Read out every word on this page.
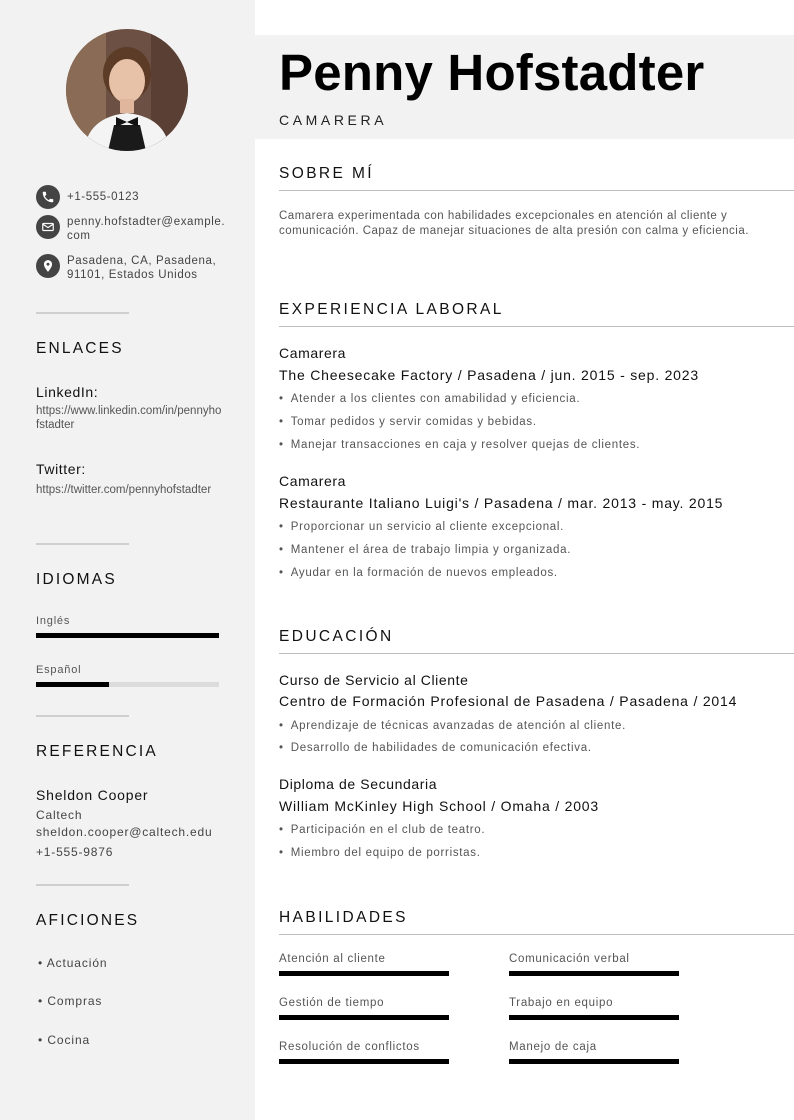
+1-555-0123
penny.hofstadter@example.com
Pasadena, CA, Pasadena, 91101, Estados Unidos
ENLACES
LinkedIn:
https://www.linkedin.com/in/pennyhofstadter
Twitter:
https://twitter.com/pennyhofstadter
IDIOMAS
Inglés
Español
REFERENCIA
Sheldon Cooper
Caltech
sheldon.cooper@caltech.edu
+1-555-9876
AFICIONES
• Actuación
• Compras
• Cocina
Penny Hofstadter
CAMARERA
SOBRE MÍ

Camarera experimentada con habilidades excepcionales en atención al cliente y comunicación. Capaz de manejar situaciones de alta presión con calma y eficiencia.

EXPERIENCIA LABORAL
Camarera
The Cheesecake Factory / Pasadena / jun. 2015 - sep. 2023
• Atender a los clientes con amabilidad y eficiencia.
• Tomar pedidos y servir comidas y bebidas.
• Manejar transacciones en caja y resolver quejas de clientes.
Camarera
Restaurante Italiano Luigi's / Pasadena / mar. 2013 - may. 2015
• Proporcionar un servicio al cliente excepcional.
• Mantener el área de trabajo limpia y organizada.
• Ayudar en la formación de nuevos empleados.
EDUCACIÓN
Curso de Servicio al Cliente
Centro de Formación Profesional de Pasadena / Pasadena / 2014
• Aprendizaje de técnicas avanzadas de atención al cliente.
• Desarrollo de habilidades de comunicación efectiva.
Diploma de Secundaria
William McKinley High School / Omaha / 2003
• Participación en el club de teatro.
• Miembro del equipo de porristas.
HABILIDADES
Atención al cliente	Comunicación verbal
Gestión de tiempo	Trabajo en equipo
Resolución de conflictos	Manejo de caja
